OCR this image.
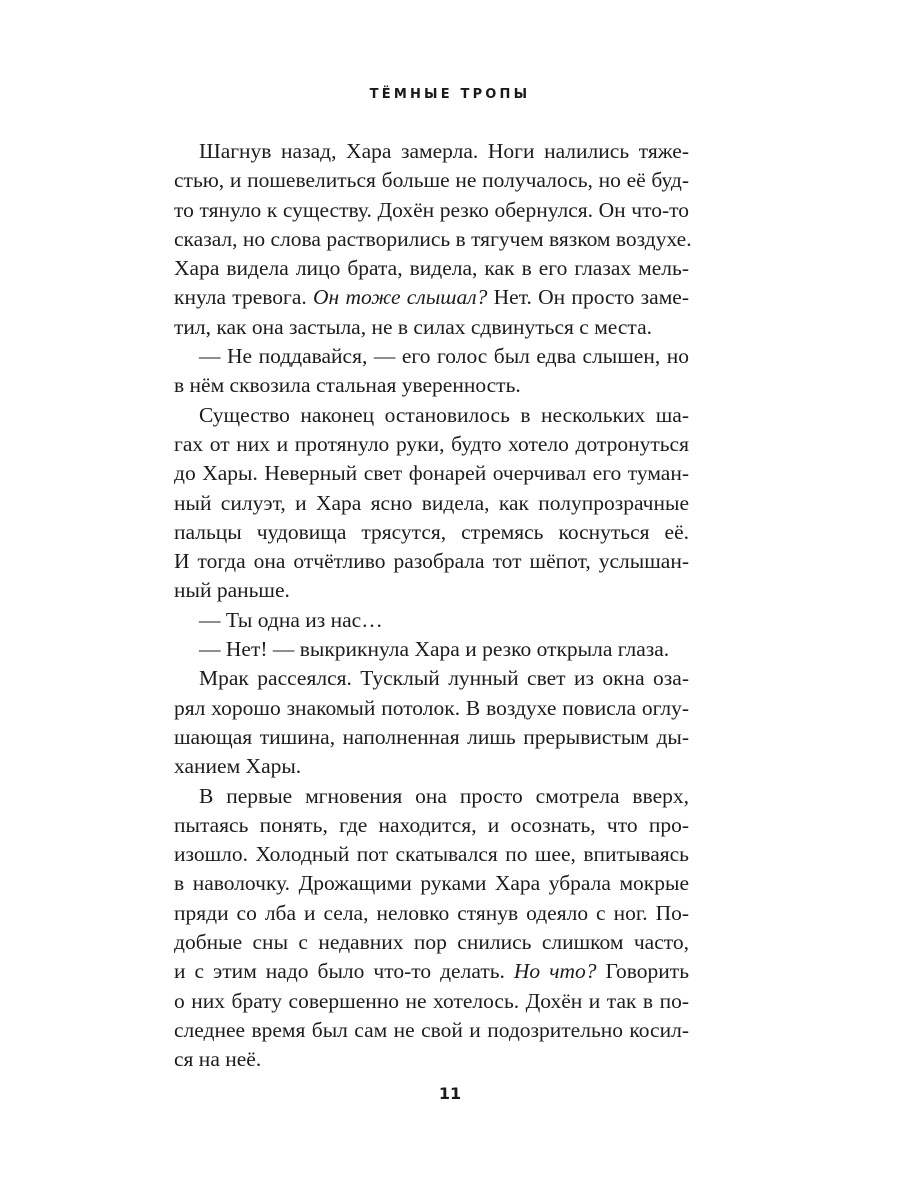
ТЁМНЫЕ ТРОПЫ
Шагнув назад, Хара замерла. Ноги налились тяже-
стью, и пошевелиться больше не получалось, но её буд-
то тянуло к существу. Дохён резко обернулся. Он что-то
сказал, но слова растворились в тягучем вязком воздухе.
Хара видела лицо брата, видела, как в его глазах мель-
кнула тревога. Он тоже слышал? Нет. Он просто заме-
тил, как она застыла, не в силах сдвинуться с места.
— Не поддавайся, — его голос был едва слышен, но
в нём сквозила стальная уверенность.
Существо наконец остановилось в нескольких ша-
гах от них и протянуло руки, будто хотело дотронуться
до Хары. Неверный свет фонарей очерчивал его туман-
ный силуэт, и Хара ясно видела, как полупрозрачные
пальцы чудовища трясутся, стремясь коснуться её.
И тогда она отчётливо разобрала тот шёпот, услышан-
ный раньше.
— Ты одна из нас…
— Нет! — выкрикнула Хара и резко открыла глаза.
Мрак рассеялся. Тусклый лунный свет из окна оза-
рял хорошо знакомый потолок. В воздухе повисла оглу-
шающая тишина, наполненная лишь прерывистым ды-
ханием Хары.
В первые мгновения она просто смотрела вверх,
пытаясь понять, где находится, и осознать, что про-
изошло. Холодный пот скатывался по шее, впитываясь
в наволочку. Дрожащими руками Хара убрала мокрые
пряди со лба и села, неловко стянув одеяло с ног. По-
добные сны с недавних пор снились слишком часто,
и с этим надо было что-то делать. Но что? Говорить
о них брату совершенно не хотелось. Дохён и так в по-
следнее время был сам не свой и подозрительно косил-
ся на неё.
11
